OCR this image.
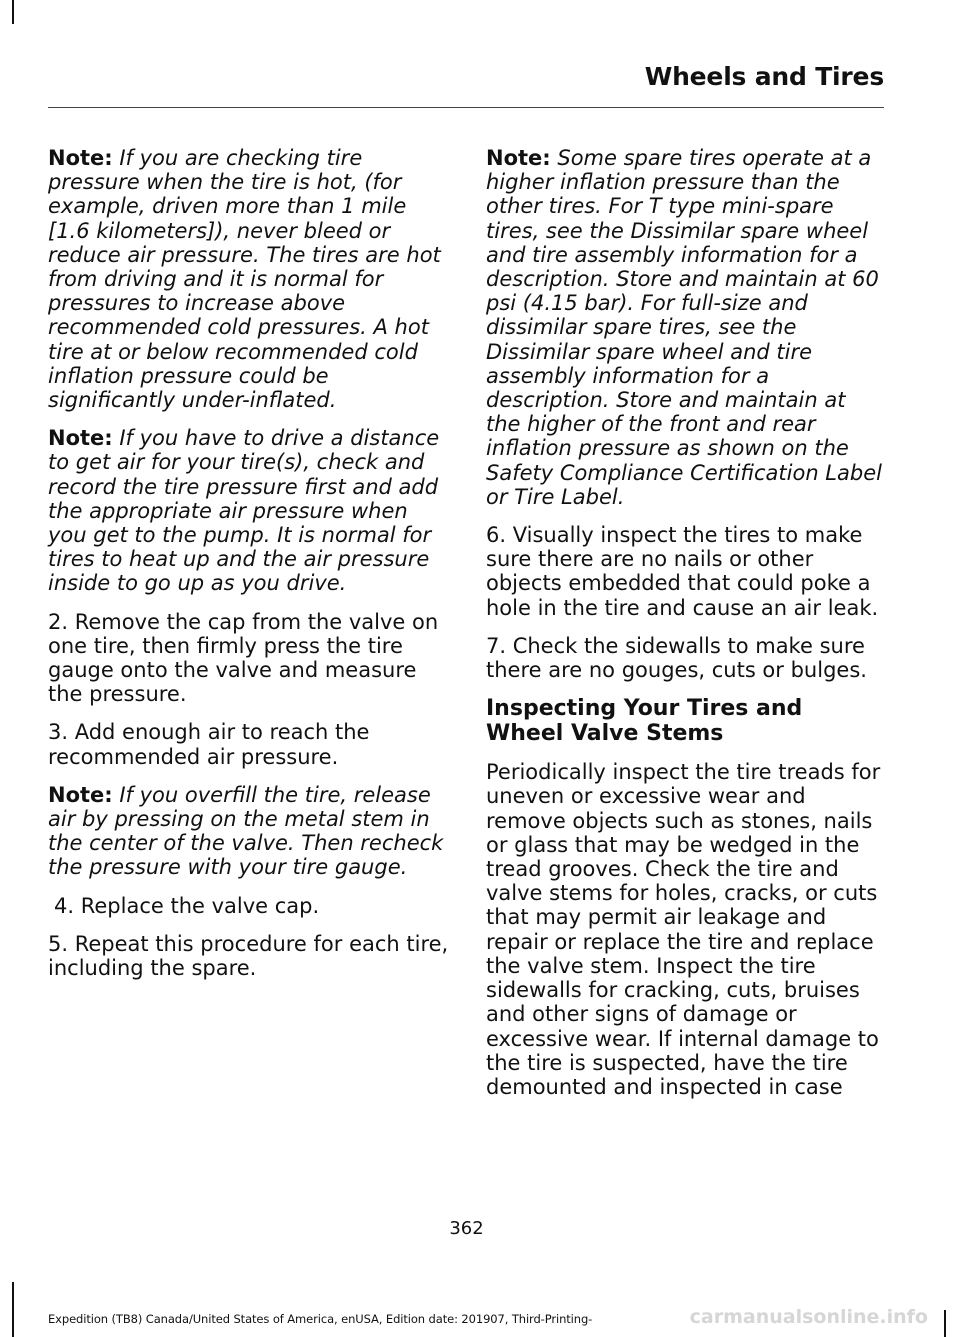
Wheels and Tires

Note: If you are checking tire pressure when the tire is hot, (for example, driven more than 1 mile [1.6 kilometers]), never bleed or reduce air pressure. The tires are hot from driving and it is normal for pressures to increase above recommended cold pressures. A hot tire at or below recommended cold inflation pressure could be significantly under-inflated.

Note: If you have to drive a distance to get air for your tire(s), check and record the tire pressure first and add the appropriate air pressure when you get to the pump. It is normal for tires to heat up and the air pressure inside to go up as you drive.

2. Remove the cap from the valve on one tire, then firmly press the tire gauge onto the valve and measure the pressure.

3. Add enough air to reach the recommended air pressure.

Note: If you overfill the tire, release air by pressing on the metal stem in the center of the valve. Then recheck the pressure with your tire gauge.

4. Replace the valve cap.

5. Repeat this procedure for each tire, including the spare.

Note: Some spare tires operate at a higher inflation pressure than the other tires. For T type mini-spare tires, see the Dissimilar spare wheel and tire assembly information for a description. Store and maintain at 60 psi (4.15 bar). For full-size and dissimilar spare tires, see the Dissimilar spare wheel and tire assembly information for a description. Store and maintain at the higher of the front and rear inflation pressure as shown on the Safety Compliance Certification Label or Tire Label.

6. Visually inspect the tires to make sure there are no nails or other objects embedded that could poke a hole in the tire and cause an air leak.

7. Check the sidewalls to make sure there are no gouges, cuts or bulges.

Inspecting Your Tires and Wheel Valve Stems

Periodically inspect the tire treads for uneven or excessive wear and remove objects such as stones, nails or glass that may be wedged in the tread grooves. Check the tire and valve stems for holes, cracks, or cuts that may permit air leakage and repair or replace the tire and replace the valve stem. Inspect the tire sidewalls for cracking, cuts, bruises and other signs of damage or excessive wear. If internal damage to the tire is suspected, have the tire demounted and inspected in case

362
Expedition (TB8) Canada/United States of America, enUSA, Edition date: 201907, Third-Printing-	carmanualsonline.info
